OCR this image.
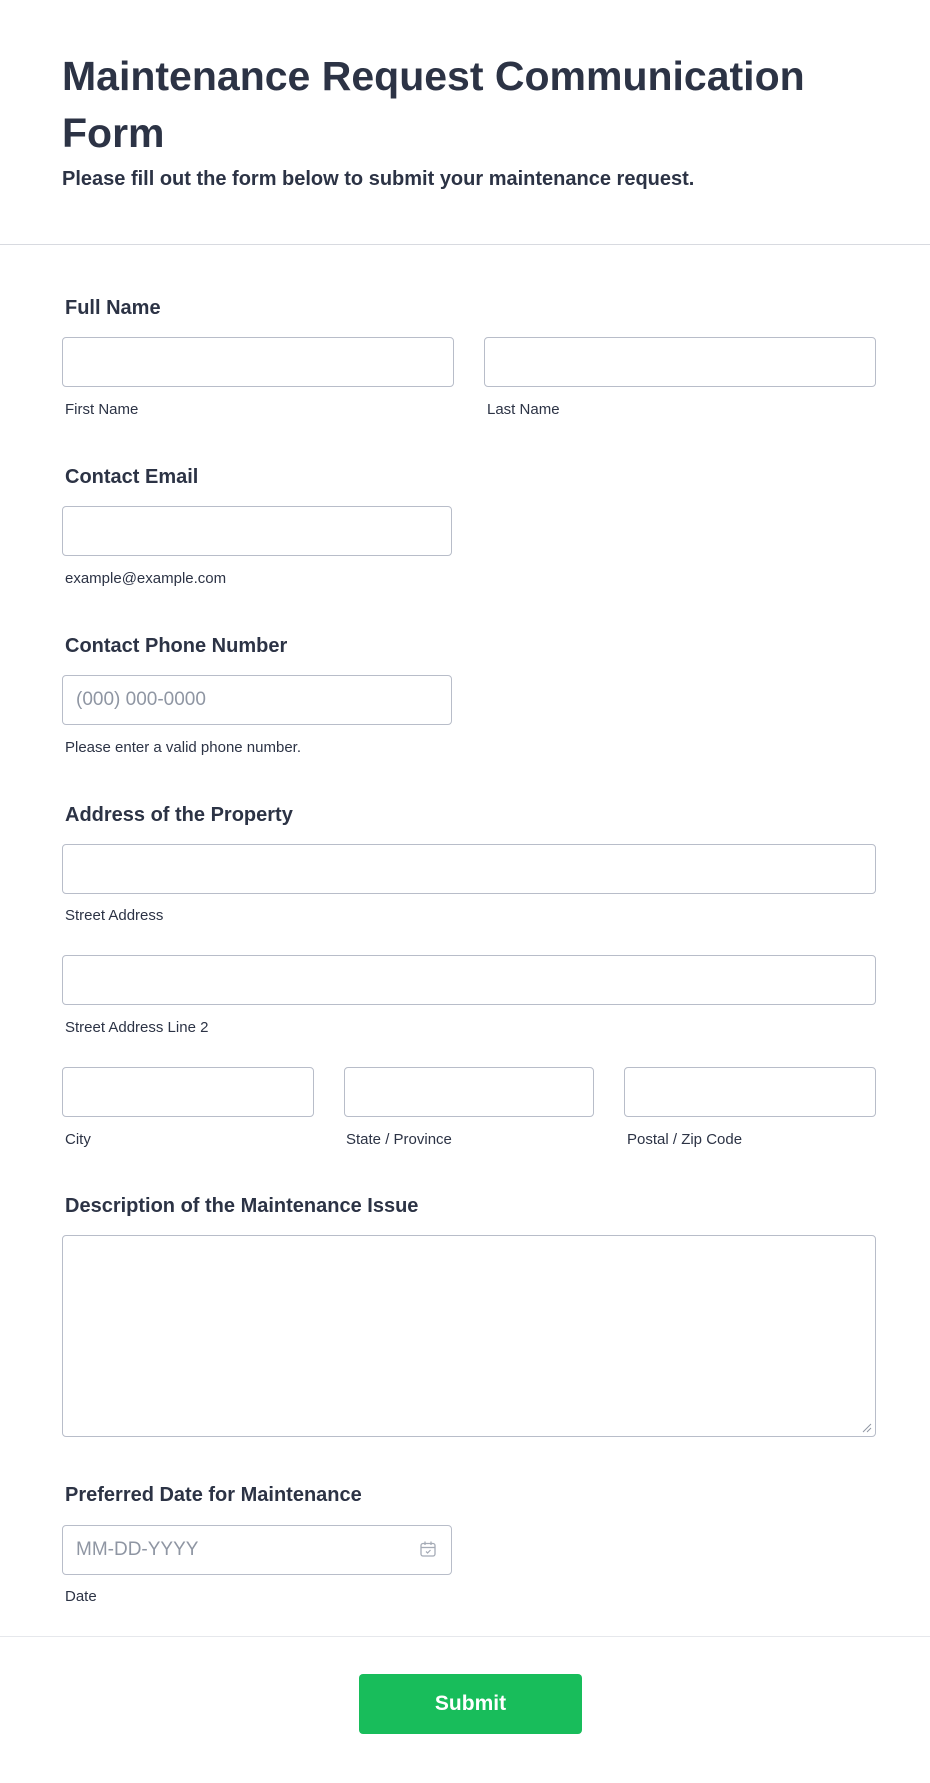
Maintenance Request Communication Form

Please fill out the form below to submit your maintenance request.

Full Name
First Name	Last Name
Contact Email
example@example.com
Contact Phone Number
(000) 000-0000
Please enter a valid phone number.
Address of the Property
Street Address
Street Address Line 2
City	State / Province	Postal / Zip Code
Description of the Maintenance Issue
Preferred Date for Maintenance
MM-DD-YYYY
Date
Submit
